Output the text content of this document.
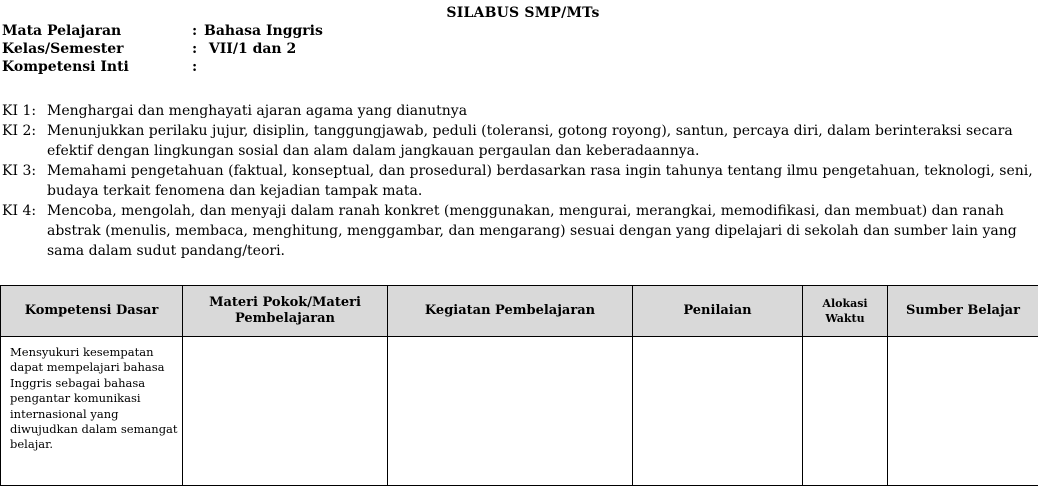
SILABUS SMP/MTs
Mata Pelajaran	: Bahasa Inggris
Kelas/Semester	: VII/1 dan 2
Kompetensi Inti	:
KI 1: Menghargai dan menghayati ajaran agama yang dianutnya
KI 2: Menunjukkan perilaku jujur, disiplin, tanggungjawab, peduli (toleransi, gotong royong), santun, percaya diri, dalam berinteraksi secara efektif dengan lingkungan sosial dan alam dalam jangkauan pergaulan dan keberadaannya.
KI 3: Memahami pengetahuan (faktual, konseptual, dan prosedural) berdasarkan rasa ingin tahunya tentang ilmu pengetahuan, teknologi, seni, budaya terkait fenomena dan kejadian tampak mata.
KI 4: Mencoba, mengolah, dan menyaji dalam ranah konkret (menggunakan, mengurai, merangkai, memodifikasi, dan membuat) dan ranah abstrak (menulis, membaca, menghitung, menggambar, dan mengarang) sesuai dengan yang dipelajari di sekolah dan sumber lain yang sama dalam sudut pandang/teori.
Kompetensi Dasar	Materi Pokok/Materi Pembelajaran	Kegiatan Pembelajaran	Penilaian	Alokasi Waktu	Sumber Belajar
Mensyukuri kesempatan dapat mempelajari bahasa Inggris sebagai bahasa pengantar komunikasi internasional yang diwujudkan dalam semangat belajar.					
